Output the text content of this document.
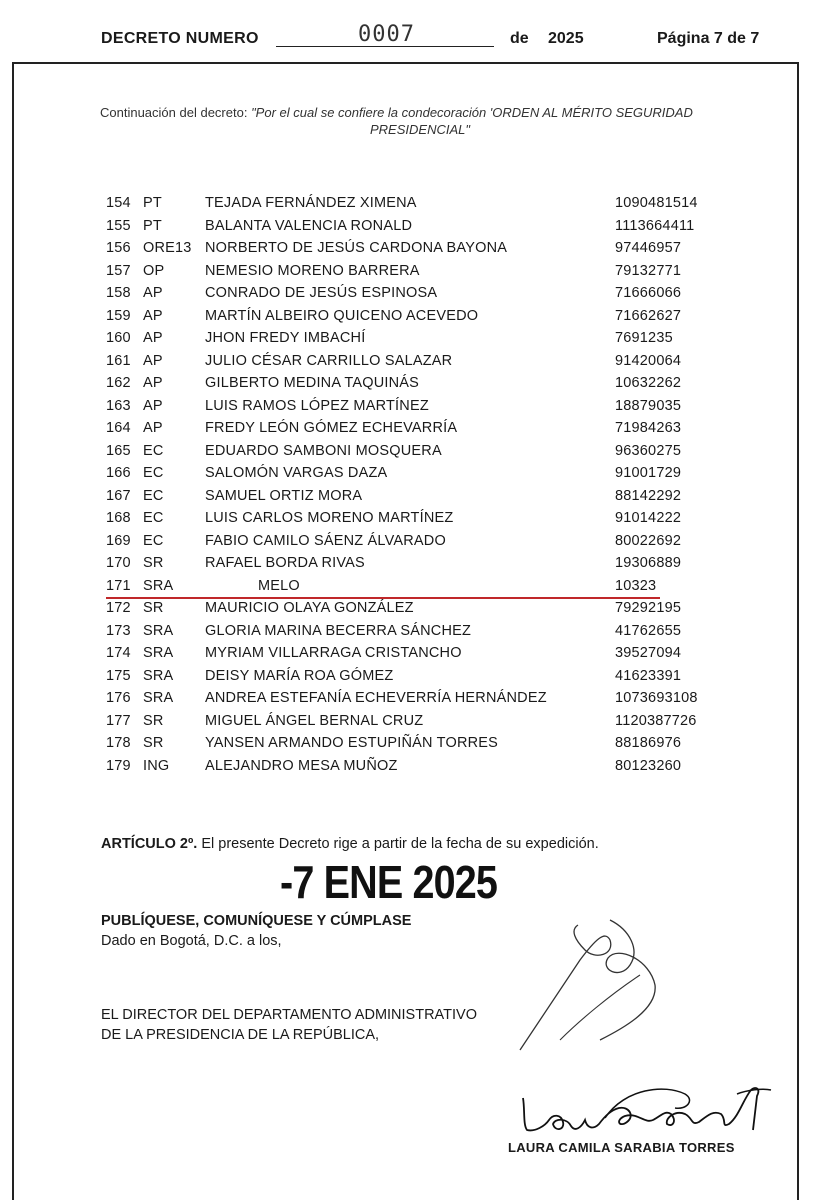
DECRETO NUMERO	0007	de 2025	Página 7 de 7
Continuación del decreto: "Por el cual se confiere la condecoración 'ORDEN AL MÉRITO SEGURIDAD
PRESIDENCIAL"
154 PT	TEJADA FERNÁNDEZ XIMENA	1090481514
155 PT	BALANTA VALENCIA RONALD	1113664411
156 ORE13 NORBERTO DE JESÚS CARDONA BAYONA	97446957
157 OP	NEMESIO MORENO BARRERA	79132771
158 AP	CONRADO DE JESÚS ESPINOSA	71666066
159 AP	MARTÍN ALBEIRO QUICENO ACEVEDO	71662627
160 AP	JHON FREDY IMBACHÍ	7691235
161 AP	JULIO CÉSAR CARRILLO SALAZAR	91420064
162 AP	GILBERTO MEDINA TAQUINÁS	10632262
163 AP	LUIS RAMOS LÓPEZ MARTÍNEZ	18879035
164 AP	FREDY LEÓN GÓMEZ ECHEVARRÍA	71984263
165 EC	EDUARDO SAMBONI MOSQUERA	96360275
166 EC	SALOMÓN VARGAS DAZA	91001729
167 EC	SAMUEL ORTIZ MORA	88142292
168 EC	LUIS CARLOS MORENO MARTÍNEZ	91014222
169 EC	FABIO CAMILO SÁENZ ÁLVARADO	80022692
170 SR	RAFAEL BORDA RIVAS	19306889
171 SRA	MELO	10323
172 SR	MAURICIO OLAYA GONZÁLEZ	79292195
173 SRA GLORIA MARINA BECERRA SÁNCHEZ	41762655
174 SRA MYRIAM VILLARRAGA CRISTANCHO	39527094
175 SRA DEISY MARÍA ROA GÓMEZ	41623391
176 SRA ANDREA ESTEFANÍA ECHEVERRÍA HERNÁNDEZ	1073693108
177 SR	MIGUEL ÁNGEL BERNAL CRUZ	1120387726
178 SR	YANSEN ARMANDO ESTUPIÑÁN TORRES	88186976
179 ING ALEJANDRO MESA MUÑOZ	80123260
ARTÍCULO 2º. El presente Decreto rige a partir de la fecha de su expedición.
-7 ENE 2025
PUBLÍQUESE, COMUNÍQUESE Y CÚMPLASE
Dado en Bogotá, D.C. a los,
EL DIRECTOR DEL DEPARTAMENTO ADMINISTRATIVO
DE LA PRESIDENCIA DE LA REPÚBLICA,
LAURA CAMILA SARABIA TORRES
